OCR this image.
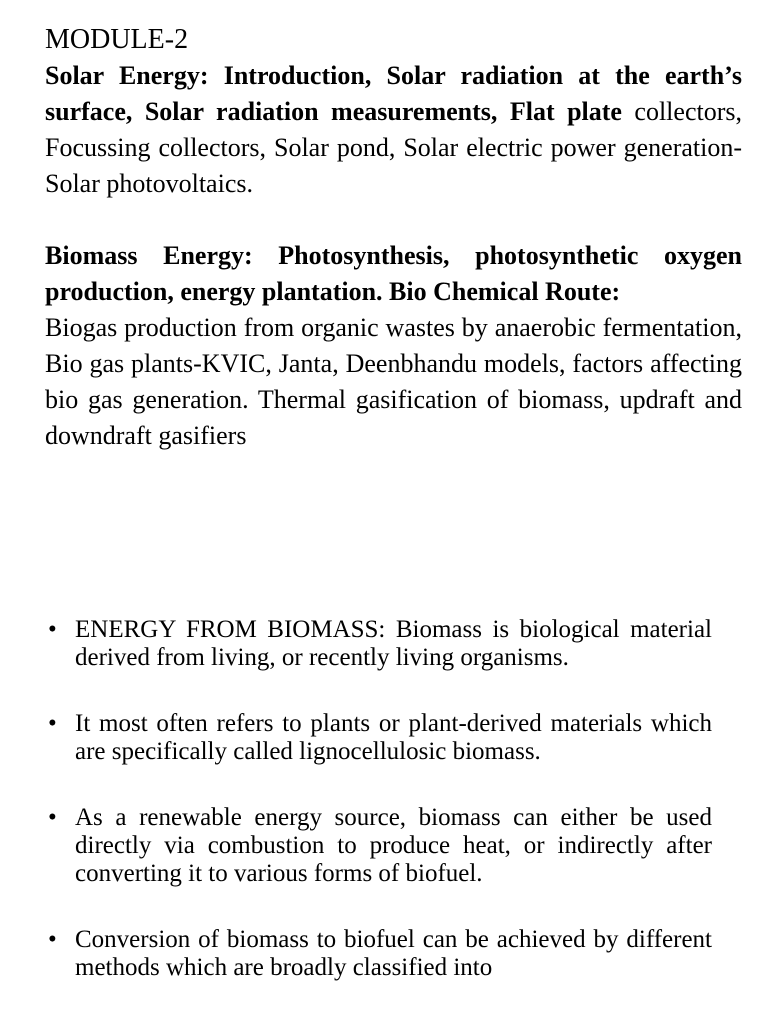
MODULE-2

Solar Energy: Introduction, Solar radiation at the earth’s surface, Solar radiation measurements, Flat plate collectors, Focussing collectors, Solar pond, Solar electric power generation-Solar photovoltaics.

Biomass Energy: Photosynthesis, photosynthetic oxygen production, energy plantation. Bio Chemical Route:

Biogas production from organic wastes by anaerobic fermentation, Bio gas plants-KVIC, Janta, Deenbhandu models, factors affecting bio gas generation. Thermal gasification of biomass, updraft and downdraft gasifiers

• ENERGY FROM BIOMASS: Biomass is biological material derived from living, or recently living organisms.
• It most often refers to plants or plant-derived materials which are specifically called lignocellulosic biomass.
• As a renewable energy source, biomass can either be used directly via combustion to produce heat, or indirectly after converting it to various forms of biofuel.
• Conversion of biomass to biofuel can be achieved by different methods which are broadly classified into
